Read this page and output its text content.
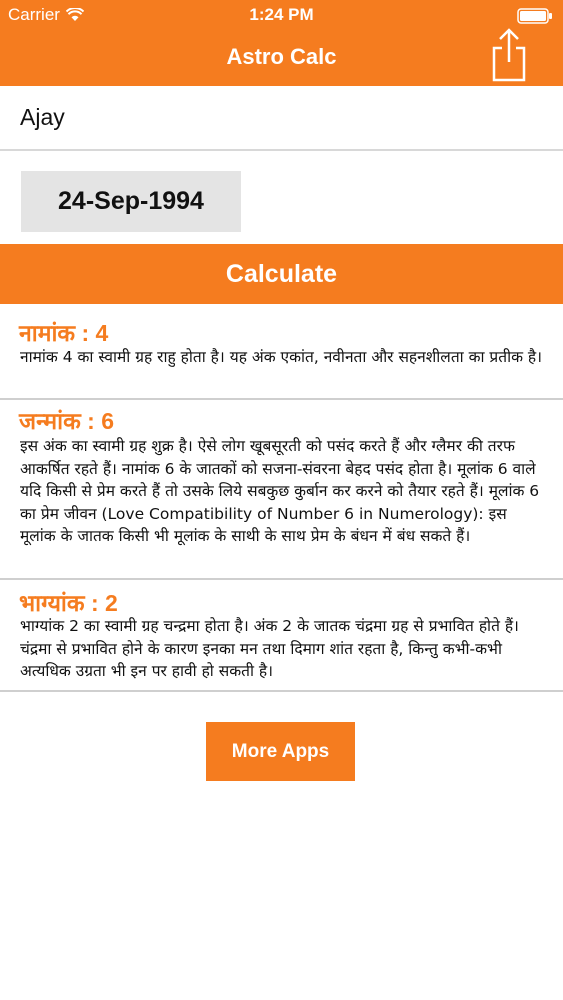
Carrier	1:24 PM
Astro Calc
Ajay
24-Sep-1994
Calculate
नामांक : 4

नामांक 4 का स्वामी ग्रह राहु होता है। यह अंक एकांत, नवीनता और सहनशीलता का प्रतीक है।

जन्मांक : 6

इस अंक का स्वामी ग्रह शुक्र है। ऐसे लोग खूबसूरती को पसंद करते हैं और ग्लैमर की तरफ आकर्षित रहते हैं। नामांक 6 के जातकों को सजना-संवरना बेहद पसंद होता है। मूलांक 6 वाले यदि किसी से प्रेम करते हैं तो उसके लिये सबकुछ कुर्बान कर करने को तैयार रहते हैं। मूलांक 6 का प्रेम जीवन (Love Compatibility of Number 6 in Numerology): इस मूलांक के जातक किसी भी मूलांक के साथी के साथ प्रेम के बंधन में बंध सकते हैं।

भाग्यांक : 2

भाग्यांक 2 का स्वामी ग्रह चन्द्रमा होता है। अंक 2 के जातक चंद्रमा ग्रह से प्रभावित होते हैं। चंद्रमा से प्रभावित होने के कारण इनका मन तथा दिमाग शांत रहता है, किन्तु कभी-कभी अत्यधिक उग्रता भी इन पर हावी हो सकती है।

More Apps
